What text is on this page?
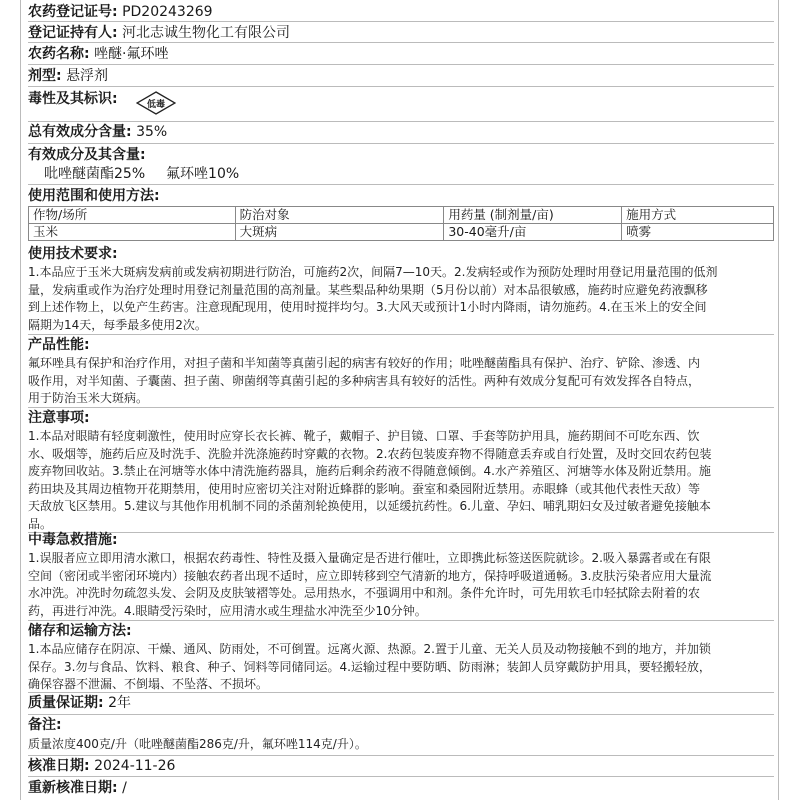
农药登记证号: PD20243269
登记证持有人: 河北志诚生物化工有限公司
农药名称: 唑醚·氟环唑
剂型: 悬浮剂
毒性及其标识:	低毒
总有效成分含量: 35%
有效成分及其含量:
吡唑醚菌酯25% 氟环唑10%
使用范围和使用方法:
作物/场所	防治对象	用药量 (制剂量/亩)	施用方式
玉米	大斑病	30-40毫升/亩	喷雾
使用技术要求:
1.本品应于玉米大斑病发病前或发病初期进行防治，可施药2次，间隔7—10天。2.发病轻或作为预防处理时用登记用量范围的低剂
量，发病重或作为治疗处理时用登记剂量范围的高剂量。某些梨品种幼果期（5月份以前）对本品很敏感，施药时应避免药液飘移
到上述作物上，以免产生药害。注意现配现用，使用时搅拌均匀。3.大风天或预计1小时内降雨，请勿施药。4.在玉米上的安全间
隔期为14天，每季最多使用2次。
产品性能:
氟环唑具有保护和治疗作用，对担子菌和半知菌等真菌引起的病害有较好的作用；吡唑醚菌酯具有保护、治疗、铲除、渗透、内
吸作用，对半知菌、子囊菌、担子菌、卵菌纲等真菌引起的多种病害具有较好的活性。两种有效成分复配可有效发挥各自特点，
用于防治玉米大斑病。
注意事项:
1.本品对眼睛有轻度刺激性，使用时应穿长衣长裤、靴子，戴帽子、护目镜、口罩、手套等防护用具，施药期间不可吃东西、饮
水、吸烟等，施药后应及时洗手、洗脸并洗涤施药时穿戴的衣物。2.农药包装废弃物不得随意丢弃或自行处置，及时交回农药包装
废弃物回收站。3.禁止在河塘等水体中清洗施药器具，施药后剩余药液不得随意倾倒。4.水产养殖区、河塘等水体及附近禁用。施
药田块及其周边植物开花期禁用，使用时应密切关注对附近蜂群的影响。蚕室和桑园附近禁用。赤眼蜂（或其他代表性天敌）等
天敌放飞区禁用。5.建议与其他作用机制不同的杀菌剂轮换使用，以延缓抗药性。6.儿童、孕妇、哺乳期妇女及过敏者避免接触本
品。
中毒急救措施:
1.误服者应立即用清水漱口，根据农药毒性、特性及摄入量确定是否进行催吐，立即携此标签送医院就诊。2.吸入暴露者或在有限
空间（密闭或半密闭环境内）接触农药者出现不适时，应立即转移到空气清新的地方，保持呼吸道通畅。3.皮肤污染者应用大量流
水冲洗。冲洗时勿疏忽头发、会阴及皮肤皱褶等处。忌用热水，不强调用中和剂。条件允许时，可先用软毛巾轻拭除去附着的农
药，再进行冲洗。4.眼睛受污染时，应用清水或生理盐水冲洗至少10分钟。
储存和运输方法:
1.本品应储存在阴凉、干燥、通风、防雨处，不可倒置。远离火源、热源。2.置于儿童、无关人员及动物接触不到的地方，并加锁
保存。3.勿与食品、饮料、粮食、种子、饲料等同储同运。4.运输过程中要防晒、防雨淋；装卸人员穿戴防护用具，要轻搬轻放，
确保容器不泄漏、不倒塌、不坠落、不损坏。
质量保证期: 2年
备注:
质量浓度400克/升（吡唑醚菌酯286克/升，氟环唑114克/升）。
核准日期: 2024-11-26
重新核准日期: /
